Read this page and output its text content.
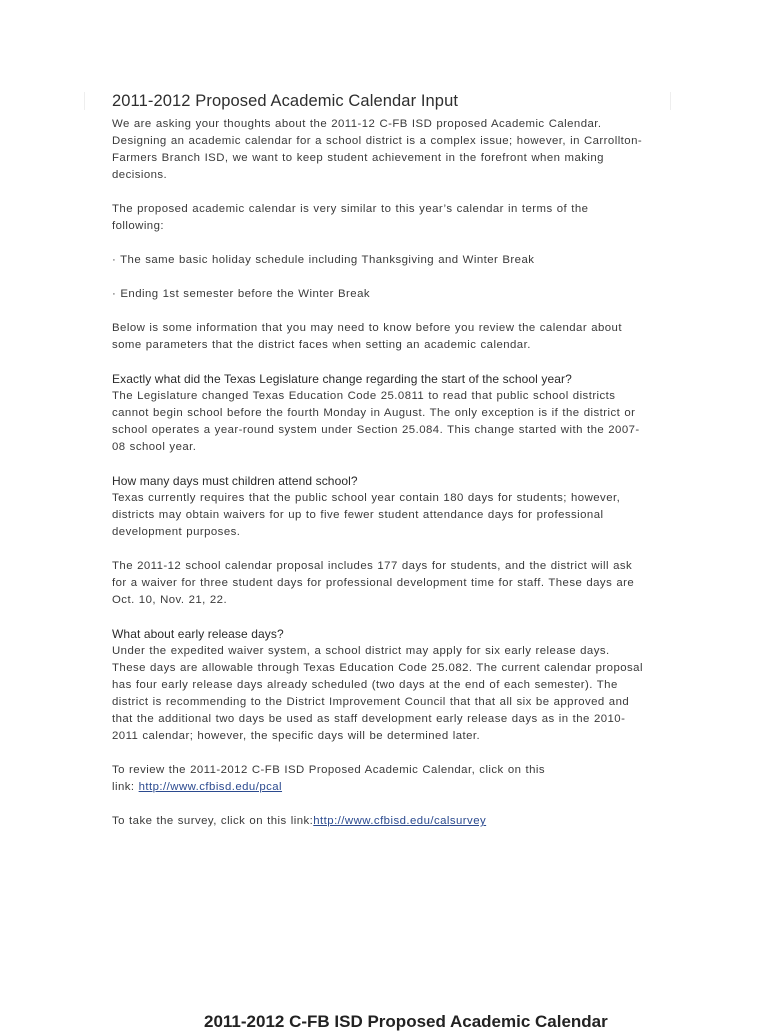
2011-2012 Proposed Academic Calendar Input

We are asking your thoughts about the 2011-12 C-FB ISD proposed Academic Calendar.

Designing an academic calendar for a school district is a complex issue; however, in Carrollton-

Farmers Branch ISD, we want to keep student achievement in the forefront when making

decisions.

The proposed academic calendar is very similar to this year’s calendar in terms of the

following:

· The same basic holiday schedule including Thanksgiving and Winter Break

· Ending 1st semester before the Winter Break

Below is some information that you may need to know before you review the calendar about

some parameters that the district faces when setting an academic calendar.

Exactly what did the Texas Legislature change regarding the start of the school year?

The Legislature changed Texas Education Code 25.0811 to read that public school districts

cannot begin school before the fourth Monday in August. The only exception is if the district or

school operates a year-round system under Section 25.084. This change started with the 2007-

08 school year.

How many days must children attend school?

Texas currently requires that the public school year contain 180 days for students; however,

districts may obtain waivers for up to five fewer student attendance days for professional

development purposes.

The 2011-12 school calendar proposal includes 177 days for students, and the district will ask

for a waiver for three student days for professional development time for staff. These days are

Oct. 10, Nov. 21, 22.

What about early release days?

Under the expedited waiver system, a school district may apply for six early release days.

These days are allowable through Texas Education Code 25.082. The current calendar proposal

has four early release days already scheduled (two days at the end of each semester). The

district is recommending to the District Improvement Council that that all six be approved and

that the additional two days be used as staff development early release days as in the 2010-

2011 calendar; however, the specific days will be determined later.

To review the 2011-2012 C-FB ISD Proposed Academic Calendar, click on this

link: http://www.cfbisd.edu/pcal

To take the survey, click on this link:http://www.cfbisd.edu/calsurvey

2011-2012 C-FB ISD Proposed Academic Calendar
